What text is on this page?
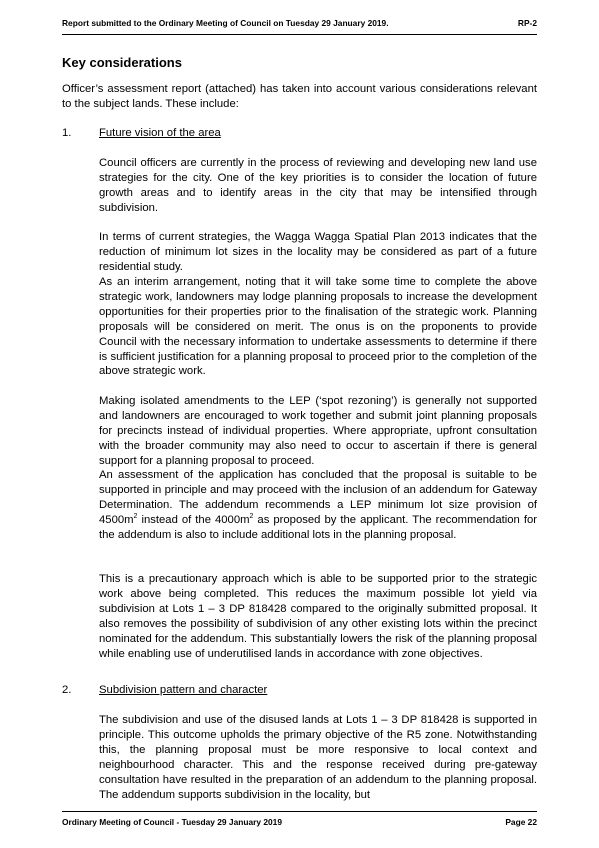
Report submitted to the Ordinary Meeting of Council on Tuesday 29 January 2019.	RP-2
Key considerations

Officer’s assessment report (attached) has taken into account various considerations relevant to the subject lands. These include:

1. Future vision of the area

Council officers are currently in the process of reviewing and developing new land use strategies for the city. One of the key priorities is to consider the location of future growth areas and to identify areas in the city that may be intensified through subdivision.

In terms of current strategies, the Wagga Wagga Spatial Plan 2013 indicates that the reduction of minimum lot sizes in the locality may be considered as part of a future residential study.

As an interim arrangement, noting that it will take some time to complete the above strategic work, landowners may lodge planning proposals to increase the development opportunities for their properties prior to the finalisation of the strategic work. Planning proposals will be considered on merit. The onus is on the proponents to provide Council with the necessary information to undertake assessments to determine if there is sufficient justification for a planning proposal to proceed prior to the completion of the above strategic work.

Making isolated amendments to the LEP (‘spot rezoning’) is generally not supported and landowners are encouraged to work together and submit joint planning proposals for precincts instead of individual properties. Where appropriate, upfront consultation with the broader community may also need to occur to ascertain if there is general support for a planning proposal to proceed.

An assessment of the application has concluded that the proposal is suitable to be supported in principle and may proceed with the inclusion of an addendum for Gateway Determination. The addendum recommends a LEP minimum lot size provision of $4500m^2$ instead of the $4000m^2$ as proposed by the applicant. The recommendation for the addendum is also to include additional lots in the planning proposal.

This is a precautionary approach which is able to be supported prior to the strategic work above being completed. This reduces the maximum possible lot yield via subdivision at Lots 1 – 3 DP 818428 compared to the originally submitted proposal. It also removes the possibility of subdivision of any other existing lots within the precinct nominated for the addendum. This substantially lowers the risk of the planning proposal while enabling use of underutilised lands in accordance with zone objectives.

2. Subdivision pattern and character

The subdivision and use of the disused lands at Lots 1 – 3 DP 818428 is supported in principle. This outcome upholds the primary objective of the R5 zone. Notwithstanding this, the planning proposal must be more responsive to local context and neighbourhood character. This and the response received during pre-gateway consultation have resulted in the preparation of an addendum to the planning proposal. The addendum supports subdivision in the locality, but

Ordinary Meeting of Council - Tuesday 29 January 2019	Page 22
